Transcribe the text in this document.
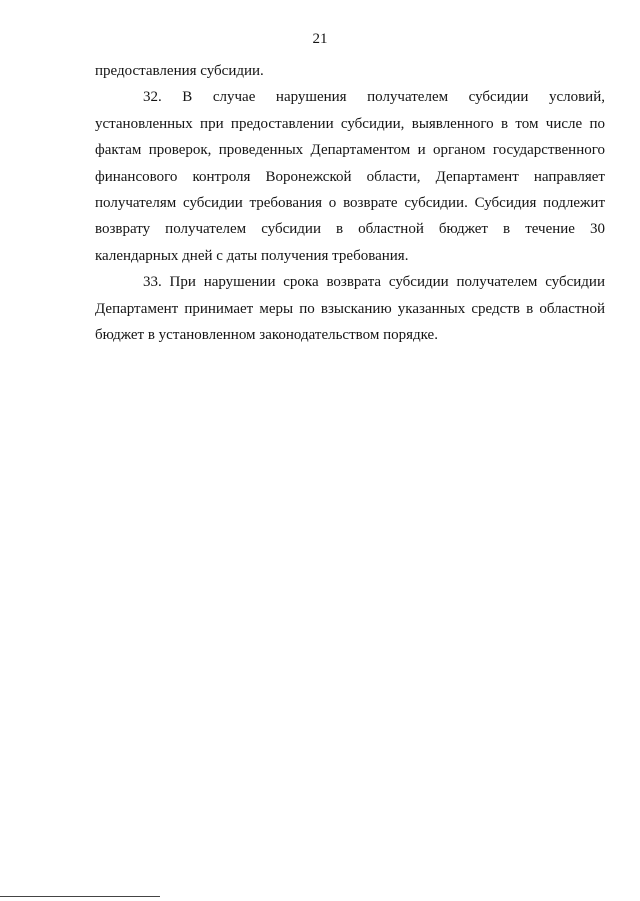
21
предоставления субсидии.
32. В случае нарушения получателем субсидии условий,
установленных при предоставлении субсидии, выявленного в том числе по
фактам проверок, проведенных Департаментом и органом государственного
финансового контроля Воронежской области, Департамент направляет
получателям субсидии требования о возврате субсидии. Субсидия подлежит
возврату получателем субсидии в областной бюджет в течение 30
календарных дней с даты получения требования.
33. При нарушении срока возврата субсидии получателем субсидии
Департамент принимает меры по взысканию указанных средств в областной
бюджет в установленном законодательством порядке.
